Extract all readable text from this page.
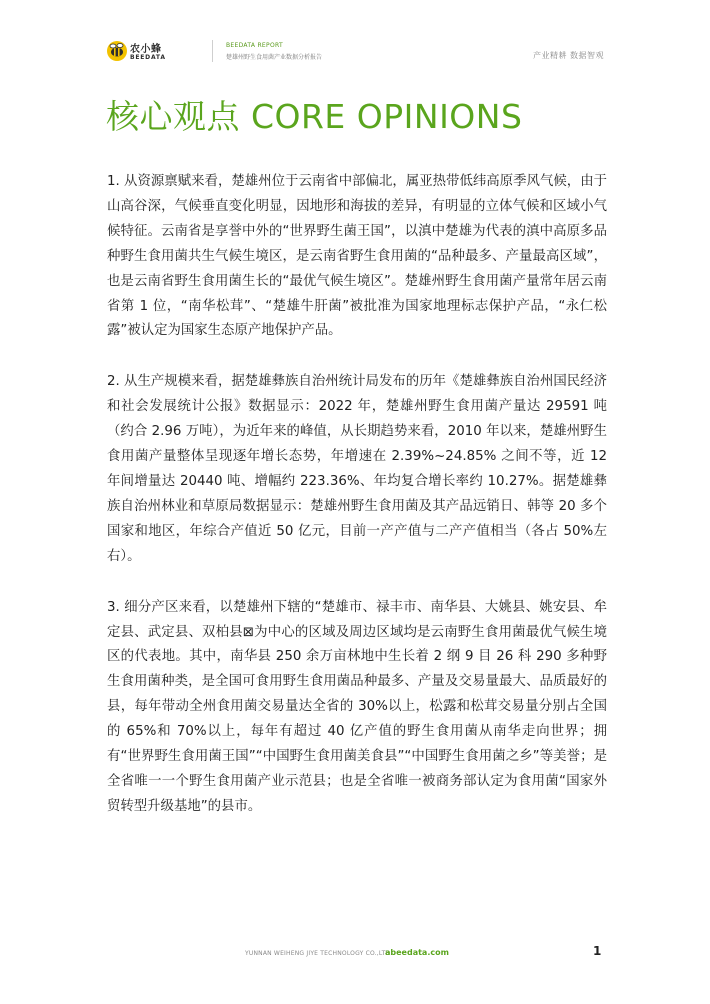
农小蜂
BEEDATA
BEEDATA REPORT
楚雄州野生食用菌产业数据分析报告	产业精耕 数据智观
核心观点 CORE OPINIONS

1. 从资源禀赋来看，楚雄州位于云南省中部偏北，属亚热带低纬高原季风气候，由于山高谷深，气候垂直变化明显，因地形和海拔的差异，有明显的立体气候和区域小气候特征。云南省是享誉中外的“世界野生菌王国”，以滇中楚雄为代表的滇中高原多品种野生食用菌共生气候生境区，是云南省野生食用菌的“品种最多、产量最高区域”，也是云南省野生食用菌生长的“最优气候生境区”。楚雄州野生食用菌产量常年居云南省第 1 位，“南华松茸”、“楚雄牛肝菌”被批准为国家地理标志保护产品，“永仁松露”被认定为国家生态原产地保护产品。

2. 从生产规模来看，据楚雄彝族自治州统计局发布的历年《楚雄彝族自治州国民经济和社会发展统计公报》数据显示：2022 年，楚雄州野生食用菌产量达 29591 吨（约合 2.96 万吨），为近年来的峰值，从长期趋势来看，2010 年以来，楚雄州野生食用菌产量整体呈现逐年增长态势，年增速在 2.39%~24.85% 之间不等，近 12 年间增量达 20440 吨、增幅约 223.36%、年均复合增长率约 10.27%。据楚雄彝族自治州林业和草原局数据显示：楚雄州野生食用菌及其产品远销日、韩等 20 多个国家和地区，年综合产值近 50 亿元，目前一产产值与二产产值相当（各占 50%左右）。

3. 细分产区来看，以楚雄州下辖的“楚雄市、禄丰市、南华县、大姚县、姚安县、牟定县、武定县、双柏县⊠为中心的区域及周边区域均是云南野生食用菌最优气候生境区的代表地。其中，南华县 250 余万亩林地中生长着 2 纲 9 目 26 科 290 多种野生食用菌种类，是全国可食用野生食用菌品种最多、产量及交易量最大、品质最好的县，每年带动全州食用菌交易量达全省的 30%以上，松露和松茸交易量分别占全国的 65%和 70%以上，每年有超过 40 亿产值的野生食用菌从南华走向世界；拥有“世界野生食用菌王国”“中国野生食用菌美食县”“中国野生食用菌之乡”等美誉；是全省唯一一个野生食用菌产业示范县；也是全省唯一被商务部认定为食用菌“国家外贸转型升级基地”的县市。

YUNNAN WEIHENG JIYE TECHNOLOGY CO.,LTD.
abeedata.com	1
